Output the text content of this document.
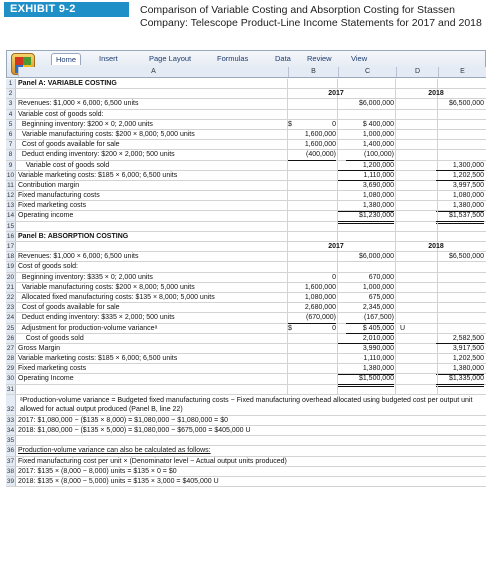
EXHIBIT 9-2	Comparison of Variable Costing and Absorption Costing for Stassen Company: Telescope Product-Line Income Statements for 2017 and 2018
Home	Insert	Page Layout	Formulas	Data	Review	View
A	B	C	D	E
1 Panel A: VARIABLE COSTING
2	2017	2018
3 Revenues: $1,000 × 6,000; 6,500 units	$6,000,000	$6,500,000
4 Variable cost of goods sold:
5 Beginning inventory: $200 × 0; 2,000 units	$	0	$ 400,000
6 Variable manufacturing costs: $200 × 8,000; 5,000 units	1,600,000	1,000,000
7 Cost of goods available for sale	1,600,000	1,400,000
8 Deduct ending inventory: $200 × 2,000; 500 units	(400,000)	(100,000)
9 Variable cost of goods sold	1,200,000	1,300,000
10 Variable marketing costs: $185 × 6,000; 6,500 units	1,110,000	1,202,500
11 Contribution margin	3,690,000	3,997,500
12 Fixed manufacturing costs	1,080,000	1,080,000
13 Fixed marketing costs	1,380,000	1,380,000
14 Operating income	$1,230,000	$1,537,500
15
16 Panel B: ABSORPTION COSTING
17	2017	2018
18 Revenues: $1,000 × 6,000; 6,500 units	$6,000,000	$6,500,000
19 Cost of goods sold:
20 Beginning inventory: $335 × 0; 2,000 units	0	670,000
21 Variable manufacturing costs: $200 × 8,000; 5,000 units	1,600,000	1,000,000
22 Allocated fixed manufacturing costs: $135 × 8,000; 5,000 units	1,080,000	675,000
23 Cost of goods available for sale	2,680,000	2,345,000
24 Deduct ending inventory: $335 × 2,000; 500 units	(670,000)	(167,500)
25 Adjustment for production-volume varianceᵃ	$	0	$ 405,000 U
26 Cost of goods sold	2,010,000	2,582,500
27 Gross Margin	3,990,000	3,917,500
28 Variable marketing costs: $185 × 6,000; 6,500 units	1,110,000	1,202,500
29 Fixed marketing costs	1,380,000	1,380,000
30 Operating Income	$1,500,000	$1,335,000
31
32
ᵃProduction-volume variance = Budgeted fixed manufacturing costs − Fixed manufacturing overhead allocated using budgeted cost per output unit allowed for actual output produced (Panel B, line 22)
33 2017: $1,080,000 − ($135 × 8,000) = $1,080,000 − $1,080,000 = $0
34 2018: $1,080,000 − ($135 × 5,000) = $1,080,000 − $675,000 = $405,000 U
35
36 Production-volume variance can also be calculated as follows:
37 Fixed manufacturing cost per unit × (Denominator level − Actual output units produced)
38 2017: $135 × (8,000 − 8,000) units = $135 × 0 = $0
39 2018: $135 × (8,000 − 5,000) units = $135 × 3,000 = $405,000 U
